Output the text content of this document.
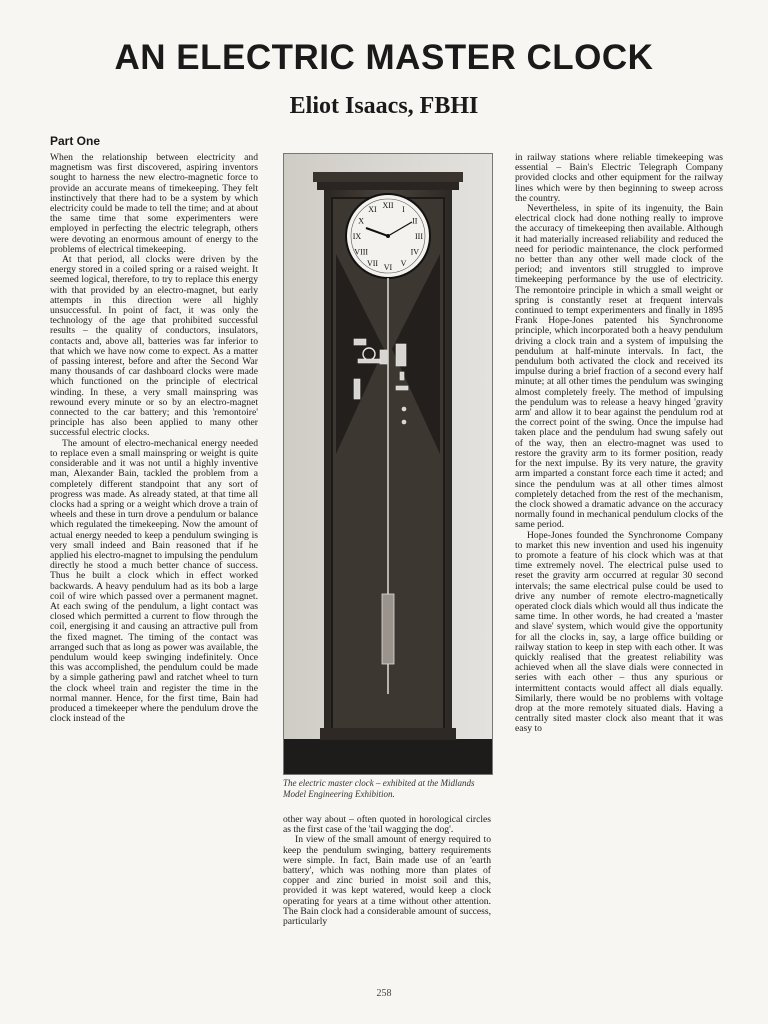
AN ELECTRIC MASTER CLOCK
Eliot Isaacs, FBHI
Part One

When the relationship between electricity and magnetism was first discovered, aspiring inventors sought to harness the new electro-magnetic force to provide an accurate means of timekeeping. They felt instinctively that there had to be a system by which electricity could be made to tell the time; and at about the same time that some experimenters were employed in perfecting the electric telegraph, others were devoting an enormous amount of energy to the problems of electrical timekeeping.

At that period, all clocks were driven by the energy stored in a coiled spring or a raised weight. It seemed logical, therefore, to try to replace this energy with that provided by an electro-magnet, but early attempts in this direction were all highly unsuccessful. In point of fact, it was only the technology of the age that prohibited successful results – the quality of conductors, insulators, contacts and, above all, batteries was far inferior to that which we have now come to expect. As a matter of passing interest, before and after the Second War many thousands of car dashboard clocks were made which functioned on the principle of electrical winding. In these, a very small mainspring was rewound every minute or so by an electro-magnet connected to the car battery; and this 'remontoire' principle has also been applied to many other successful electric clocks.

The amount of electro-mechanical energy needed to replace even a small mainspring or weight is quite considerable and it was not until a highly inventive man, Alexander Bain, tackled the problem from a completely different standpoint that any sort of progress was made. As already stated, at that time all clocks had a spring or a weight which drove a train of wheels and these in turn drove a pendulum or balance which regulated the timekeeping. Now the amount of actual energy needed to keep a pendulum swinging is very small indeed and Bain reasoned that if he applied his electro-magnet to impulsing the pendulum directly he stood a much better chance of success. Thus he built a clock which in effect worked backwards. A heavy pendulum had as its bob a large coil of wire which passed over a permanent magnet. At each swing of the pendulum, a light contact was closed which permitted a current to flow through the coil, energising it and causing an attractive pull from the fixed magnet. The timing of the contact was arranged such that as long as power was available, the pendulum would keep swinging indefinitely. Once this was accomplished, the pendulum could be made by a simple gathering pawl and ratchet wheel to turn the clock wheel train and register the time in the normal manner. Hence, for the first time, Bain had produced a timekeeper where the pendulum drove the clock instead of the

XII I
II
III
IV
V
VI
VII
VIII
IX
X
XI
The electric master clock – exhibited at the Midlands Model Engineering Exhibition.

other way about – often quoted in horological circles as the first case of the 'tail wagging the dog'.

In view of the small amount of energy required to keep the pendulum swinging, battery requirements were simple. In fact, Bain made use of an 'earth battery', which was nothing more than plates of copper and zinc buried in moist soil and this, provided it was kept watered, would keep a clock operating for years at a time without other attention. The Bain clock had a considerable amount of success, particularly

in railway stations where reliable timekeeping was essential – Bain's Electric Telegraph Company provided clocks and other equipment for the railway lines which were by then beginning to sweep across the country.

Nevertheless, in spite of its ingenuity, the Bain electrical clock had done nothing really to improve the accuracy of timekeeping then available. Although it had materially increased reliability and reduced the need for periodic maintenance, the clock performed no better than any other well made clock of the period; and inventors still struggled to improve timekeeping performance by the use of electricity. The remontoire principle in which a small weight or spring is constantly reset at frequent intervals continued to tempt experimenters and finally in 1895 Frank Hope-Jones patented his Synchronome principle, which incorporated both a heavy pendulum driving a clock train and a system of impulsing the pendulum at half-minute intervals. In fact, the pendulum both activated the clock and received its impulse during a brief fraction of a second every half minute; at all other times the pendulum was swinging almost completely freely. The method of impulsing the pendulum was to release a heavy hinged 'gravity arm' and allow it to bear against the pendulum rod at the correct point of the swing. Once the impulse had taken place and the pendulum had swung safely out of the way, then an electro-magnet was used to restore the gravity arm to its former position, ready for the next impulse. By its very nature, the gravity arm imparted a constant force each time it acted; and since the pendulum was at all other times almost completely detached from the rest of the mechanism, the clock showed a dramatic advance on the accuracy normally found in mechanical pendulum clocks of the same period.

Hope-Jones founded the Synchronome Company to market this new invention and used his ingenuity to promote a feature of his clock which was at that time extremely novel. The electrical pulse used to reset the gravity arm occurred at regular 30 second intervals; the same electrical pulse could be used to drive any number of remote electro-magnetically operated clock dials which would all thus indicate the same time. In other words, he had created a 'master and slave' system, which would give the opportunity for all the clocks in, say, a large office building or railway station to keep in step with each other. It was quickly realised that the greatest reliability was achieved when all the slave dials were connected in series with each other – thus any spurious or intermittent contacts would affect all dials equally. Similarly, there would be no problems with voltage drop at the more remotely situated dials. Having a centrally sited master clock also meant that it was easy to

258
